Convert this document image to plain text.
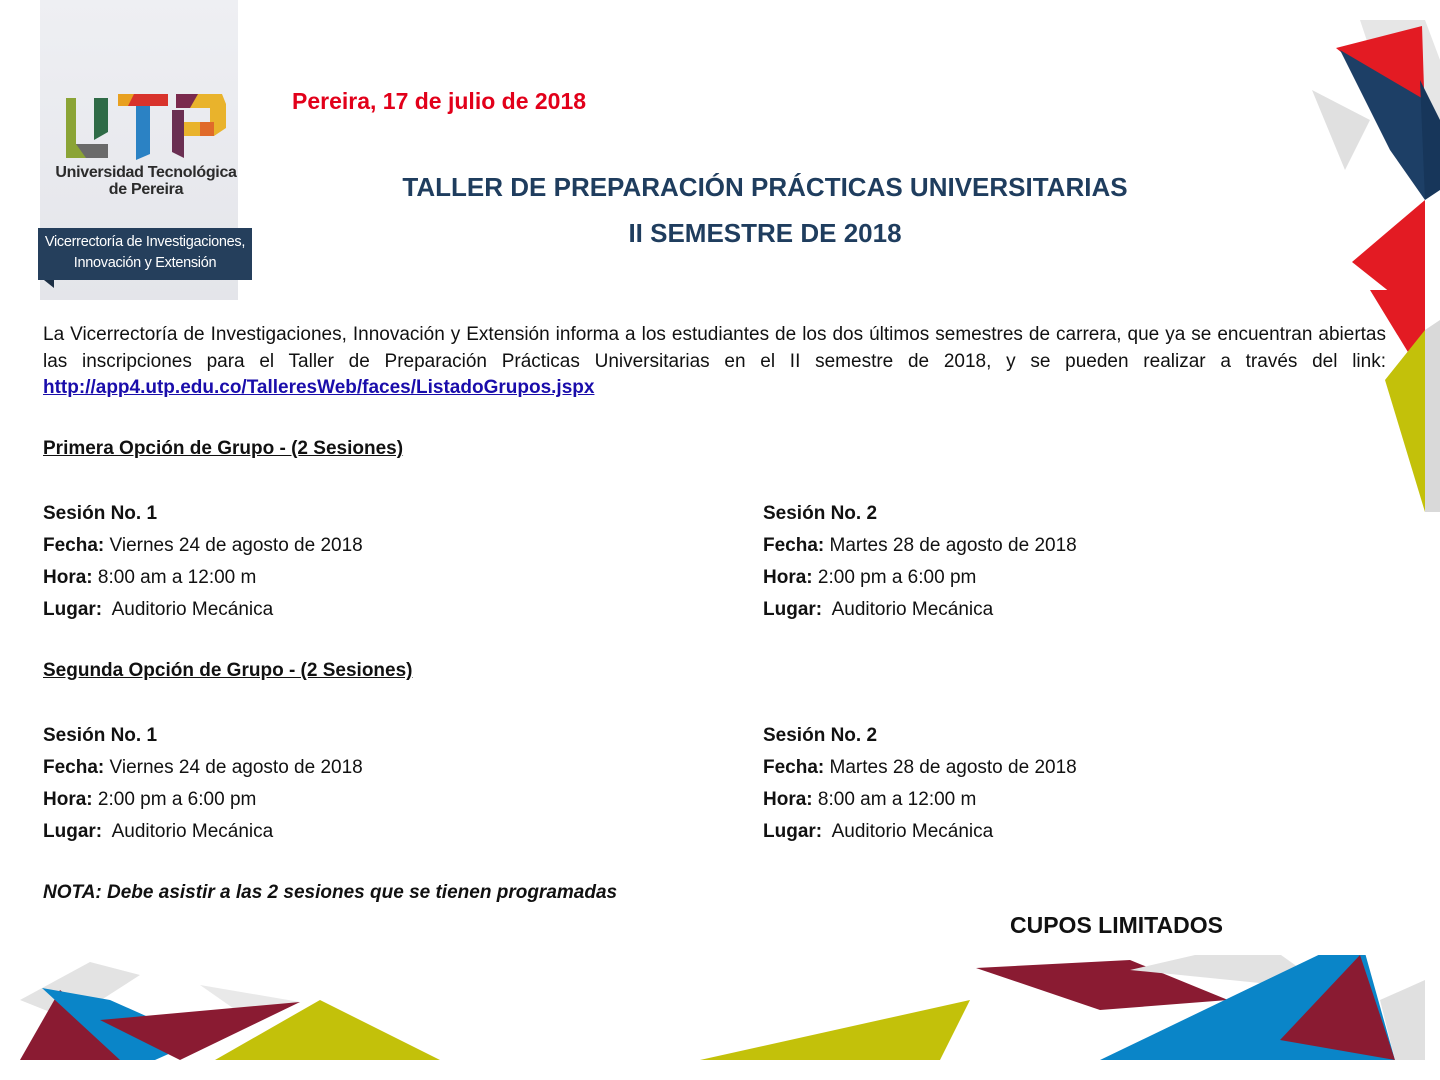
Universidad Tecnológica
de Pereira
Vicerrectoría de Investigaciones,
Innovación y Extensión
Pereira, 17 de julio de 2018
TALLER DE PREPARACIÓN PRÁCTICAS UNIVERSITARIAS
II SEMESTRE DE 2018
La Vicerrectoría de Investigaciones, Innovación y Extensión informa a los estudiantes de los dos últimos semestres de carrera, que ya se encuentran abiertas las inscripciones para el Taller de Preparación Prácticas Universitarias en el II semestre de 2018, y se pueden realizar a través del link: http://app4.utp.edu.co/TalleresWeb/faces/ListadoGrupos.jspx
Primera Opción de Grupo - (2 Sesiones)
Sesión No. 1
Fecha: Viernes 24 de agosto de 2018
Hora: 8:00 am a 12:00 m
Lugar: Auditorio Mecánica
Sesión No. 2
Fecha: Martes 28 de agosto de 2018
Hora: 2:00 pm a 6:00 pm
Lugar: Auditorio Mecánica
Segunda Opción de Grupo - (2 Sesiones)
Sesión No. 1
Fecha: Viernes 24 de agosto de 2018
Hora: 2:00 pm a 6:00 pm
Lugar: Auditorio Mecánica
Sesión No. 2
Fecha: Martes 28 de agosto de 2018
Hora: 8:00 am a 12:00 m
Lugar: Auditorio Mecánica
NOTA: Debe asistir a las 2 sesiones que se tienen programadas
CUPOS LIMITADOS
